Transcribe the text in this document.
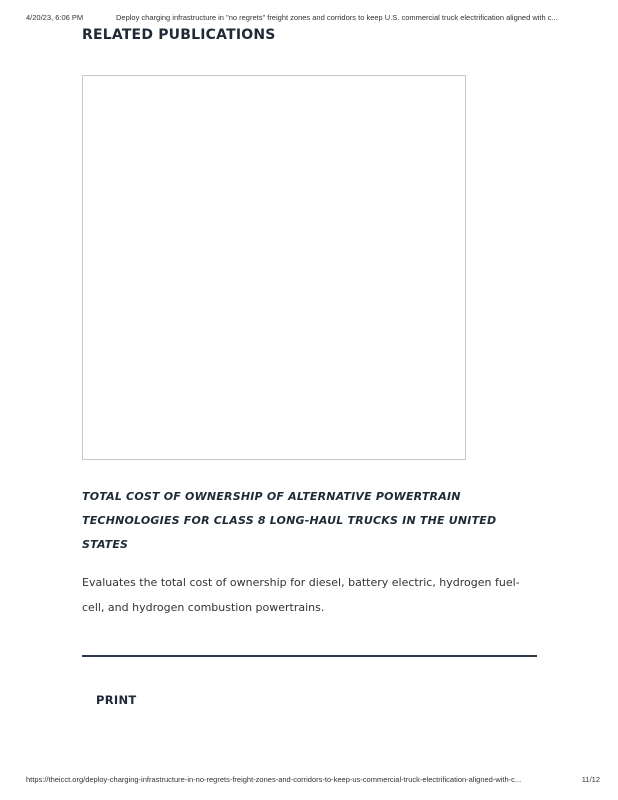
4/20/23, 6:06 PM	Deploy charging infrastructure in "no regrets" freight zones and corridors to keep U.S. commercial truck electrification aligned with c...
RELATED PUBLICATIONS
TOTAL COST OF OWNERSHIP OF ALTERNATIVE POWERTRAIN TECHNOLOGIES FOR CLASS 8 LONG-HAUL TRUCKS IN THE UNITED STATES

Evaluates the total cost of ownership for diesel, battery electric, hydrogen fuel-cell, and hydrogen combustion powertrains.

PRINT
https://theicct.org/deploy-charging-infrastructure-in-no-regrets-freight-zones-and-corridors-to-keep-us-commercial-truck-electrification-aligned-with-c...	11/12
